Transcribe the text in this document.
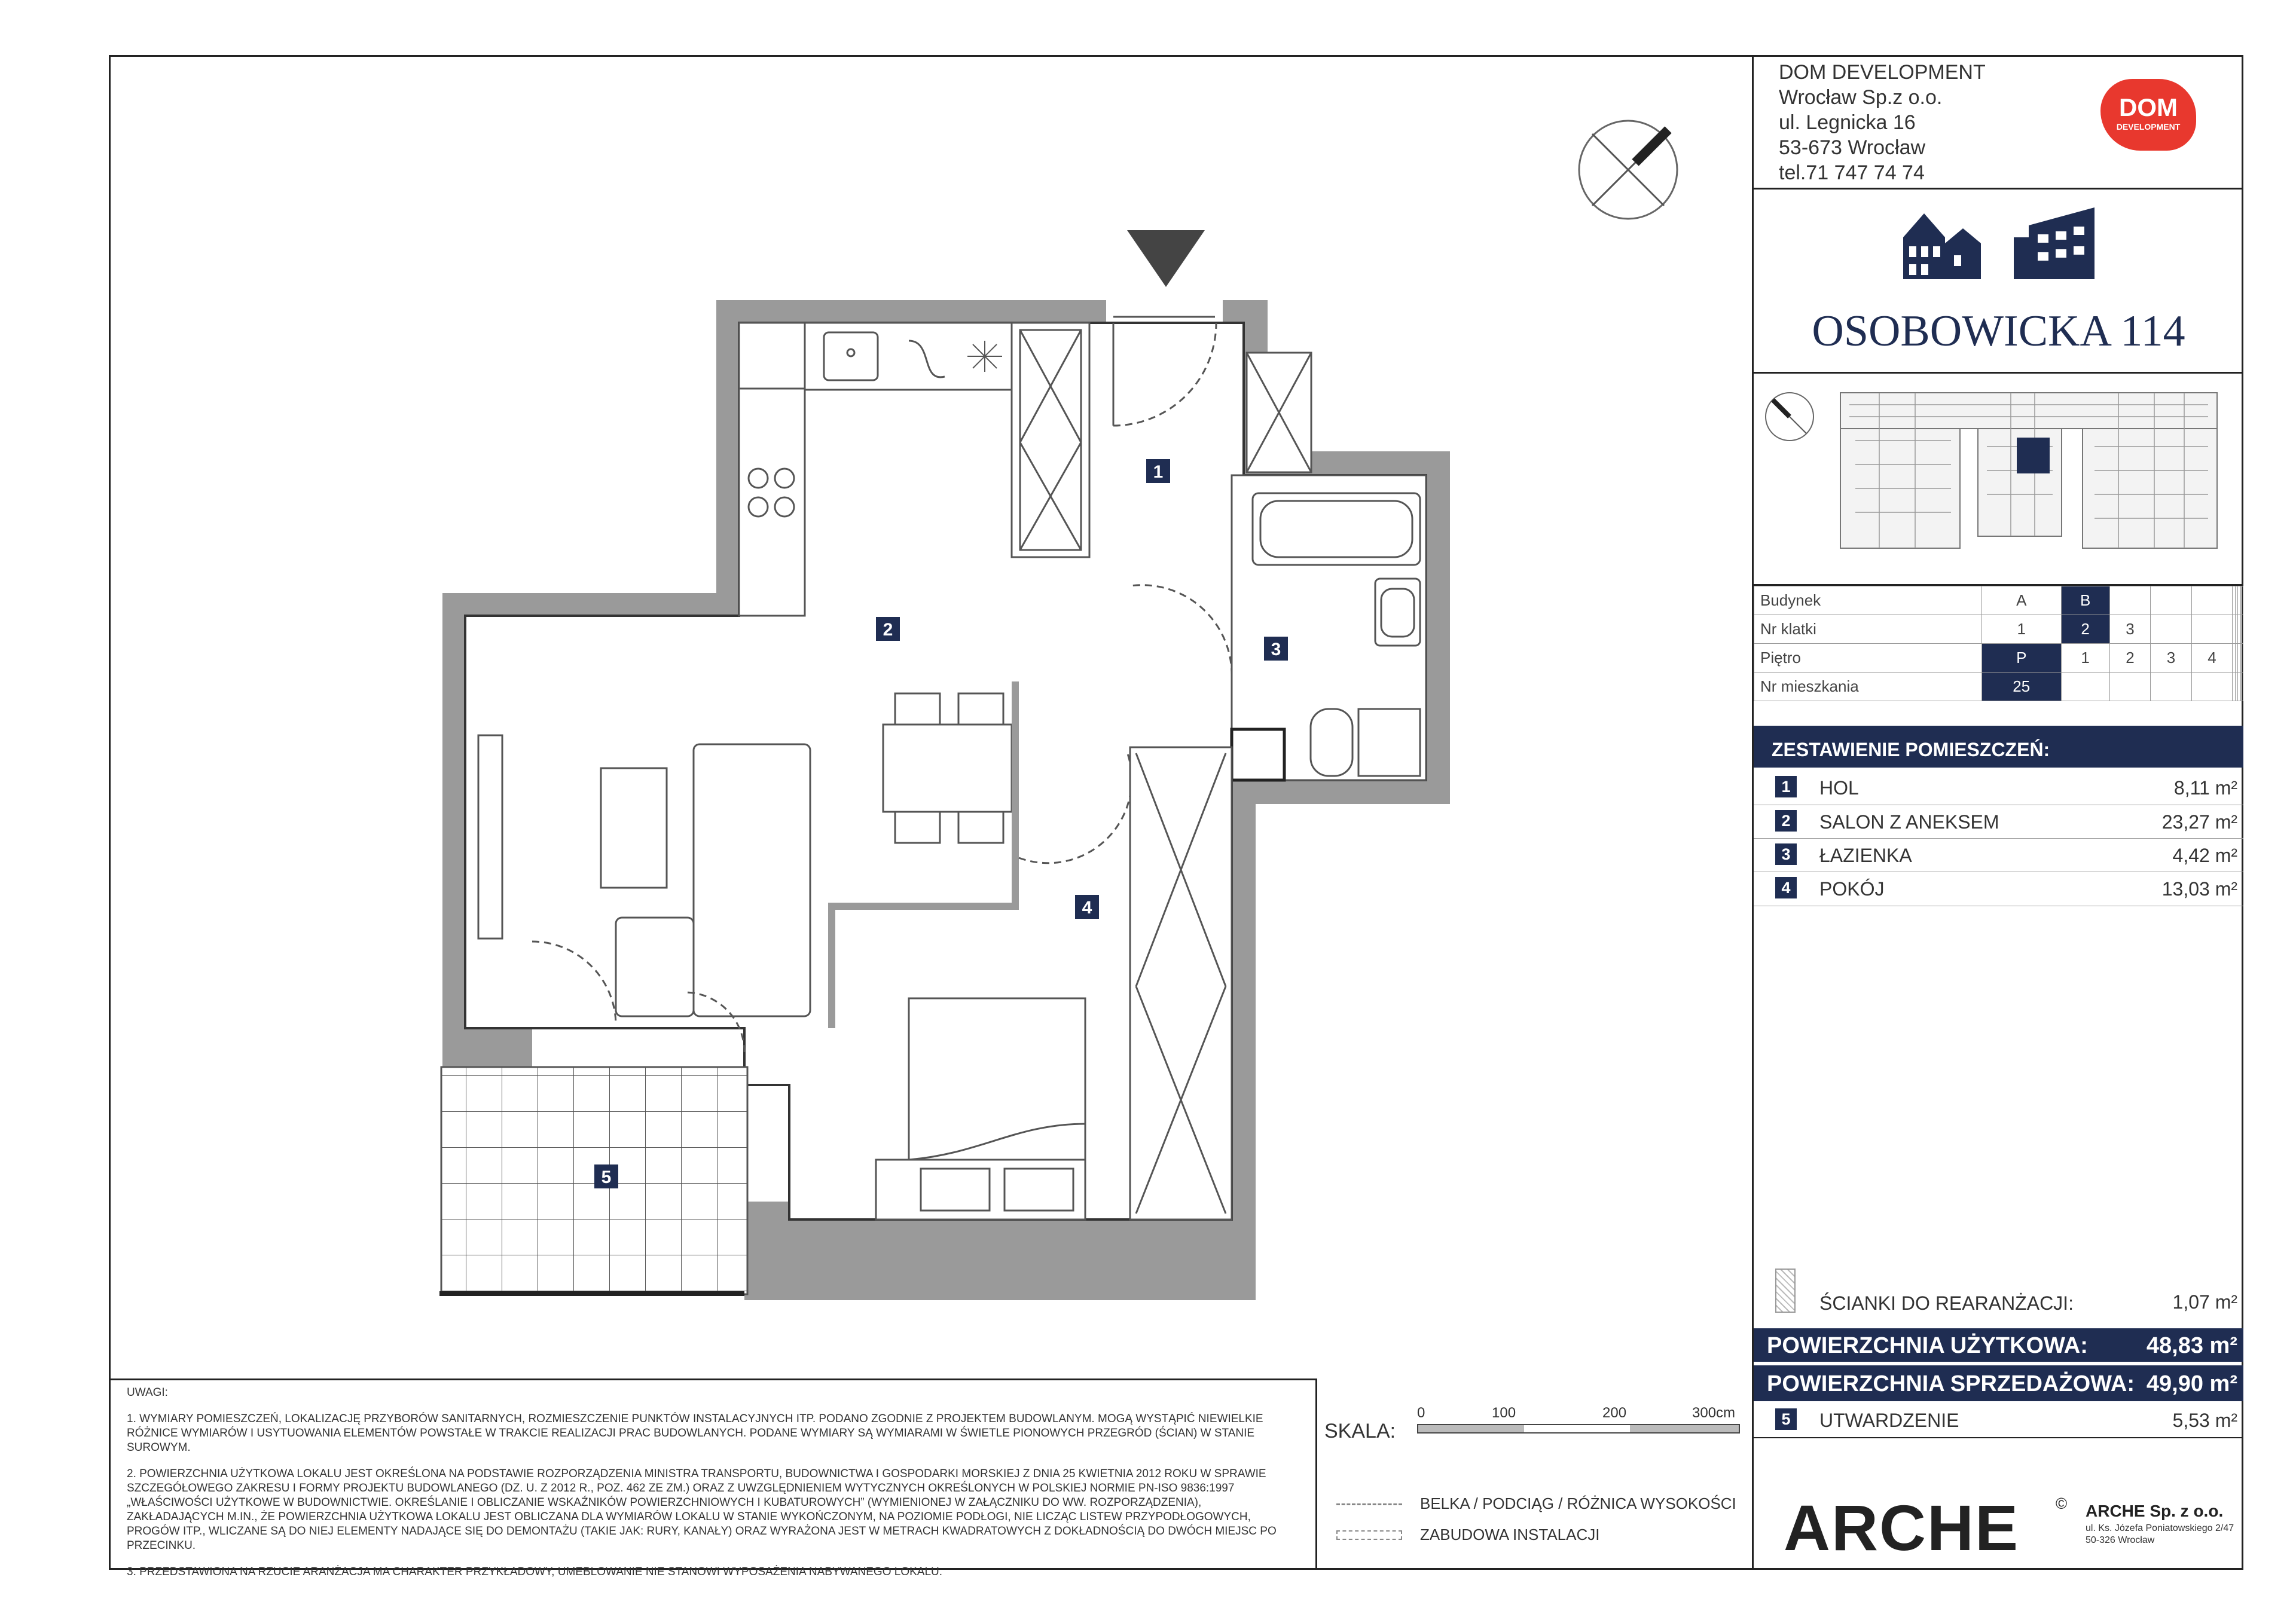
1
2
3
4
5
UWAGI:
1. WYMIARY POMIESZCZEŃ, LOKALIZACJĘ PRZYBORÓW SANITARNYCH, ROZMIESZCZENIE PUNKTÓW INSTALACYJNYCH ITP. PODANO ZGODNIE Z PROJEKTEM BUDOWLANYM. MOGĄ WYSTĄPIĆ NIEWIELKIE RÓŻNICE WYMIARÓW I USYTUOWANIA ELEMENTÓW POWSTAŁE W TRAKCIE REALIZACJI PRAC BUDOWLANYCH. PODANE WYMIARY SĄ WYMIARAMI W ŚWIETLE PIONOWYCH PRZEGRÓD (ŚCIAN) W STANIE SUROWYM.
2. POWIERZCHNIA UŻYTKOWA LOKALU JEST OKREŚLONA NA PODSTAWIE ROZPORZĄDZENIA MINISTRA TRANSPORTU, BUDOWNICTWA I GOSPODARKI MORSKIEJ Z DNIA 25 KWIETNIA 2012 ROKU W SPRAWIE SZCZEGÓŁOWEGO ZAKRESU I FORMY PROJEKTU BUDOWLANEGO (DZ. U. Z 2012 R., POZ. 462 ZE ZM.) ORAZ Z UWZGLĘDNIENIEM WYTYCZNYCH OKREŚLONYCH W POLSKIEJ NORMIE PN-ISO 9836:1997 „WŁAŚCIWOŚCI UŻYTKOWE W BUDOWNICTWIE. OKREŚLANIE I OBLICZANIE WSKAŹNIKÓW POWIERZCHNIOWYCH I KUBATUROWYCH” (WYMIENIONEJ W ZAŁĄCZNIKU DO WW. ROZPORZĄDZENIA), ZAKŁADAJĄCYCH M.IN., ŻE POWIERZCHNIA UŻYTKOWA LOKALU JEST OBLICZANA DLA WYMIARÓW LOKALU W STANIE WYKOŃCZONYM, NA POZIOMIE PODŁOGI, NIE LICZĄC LISTEW PRZYPODŁOGOWYCH, PROGÓW ITP., WLICZANE SĄ DO NIEJ ELEMENTY NADAJĄCE SIĘ DO DEMONTAŻU (TAKIE JAK: RURY, KANAŁY) ORAZ WYRAŻONA JEST W METRACH KWADRATOWYCH Z DOKŁADNOŚCIĄ DO DWÓCH MIEJSC PO PRZECINKU.
3. PRZEDSTAWIONA NA RZUCIE ARANŻACJA MA CHARAKTER PRZYKŁADOWY, UMEBLOWANIE NIE STANOWI WYPOSAŻENIA NABYWANEGO LOKALU.
SKALA:
0	100	200	300cm
BELKA / PODCIĄG / RÓŻNICA WYSOKOŚCI
ZABUDOWA INSTALACJI
DOM DEVELOPMENT
Wrocław Sp.z o.o.
ul. Legnicka 16
53-673 Wrocław
tel.71 747 74 74
DOM
DEVELOPMENT
OSOBOWICKA 114
Budynek	A	B							
Nr klatki	1	2	3						
Piętro	P	1	2	3	4				
Nr mieszkania	25								
ZESTAWIENIE POMIESZCZEŃ:
1	HOL	8,11 m²
2	SALON Z ANEKSEM	23,27 m²
3	ŁAZIENKA	4,42 m²
4	POKÓJ	13,03 m²
ŚCIANKI DO REARANŻACJI:	1,07 m²
POWIERZCHNIA UŻYTKOWA:	48,83 m²
POWIERZCHNIA SPRZEDAŻOWA: 49,90 m²
5	UTWARDZENIE	5,53 m²
ARCHE © ARCHE Sp. z o.o.
ul. Ks. Józefa Poniatowskiego 2/47
50-326 Wrocław
